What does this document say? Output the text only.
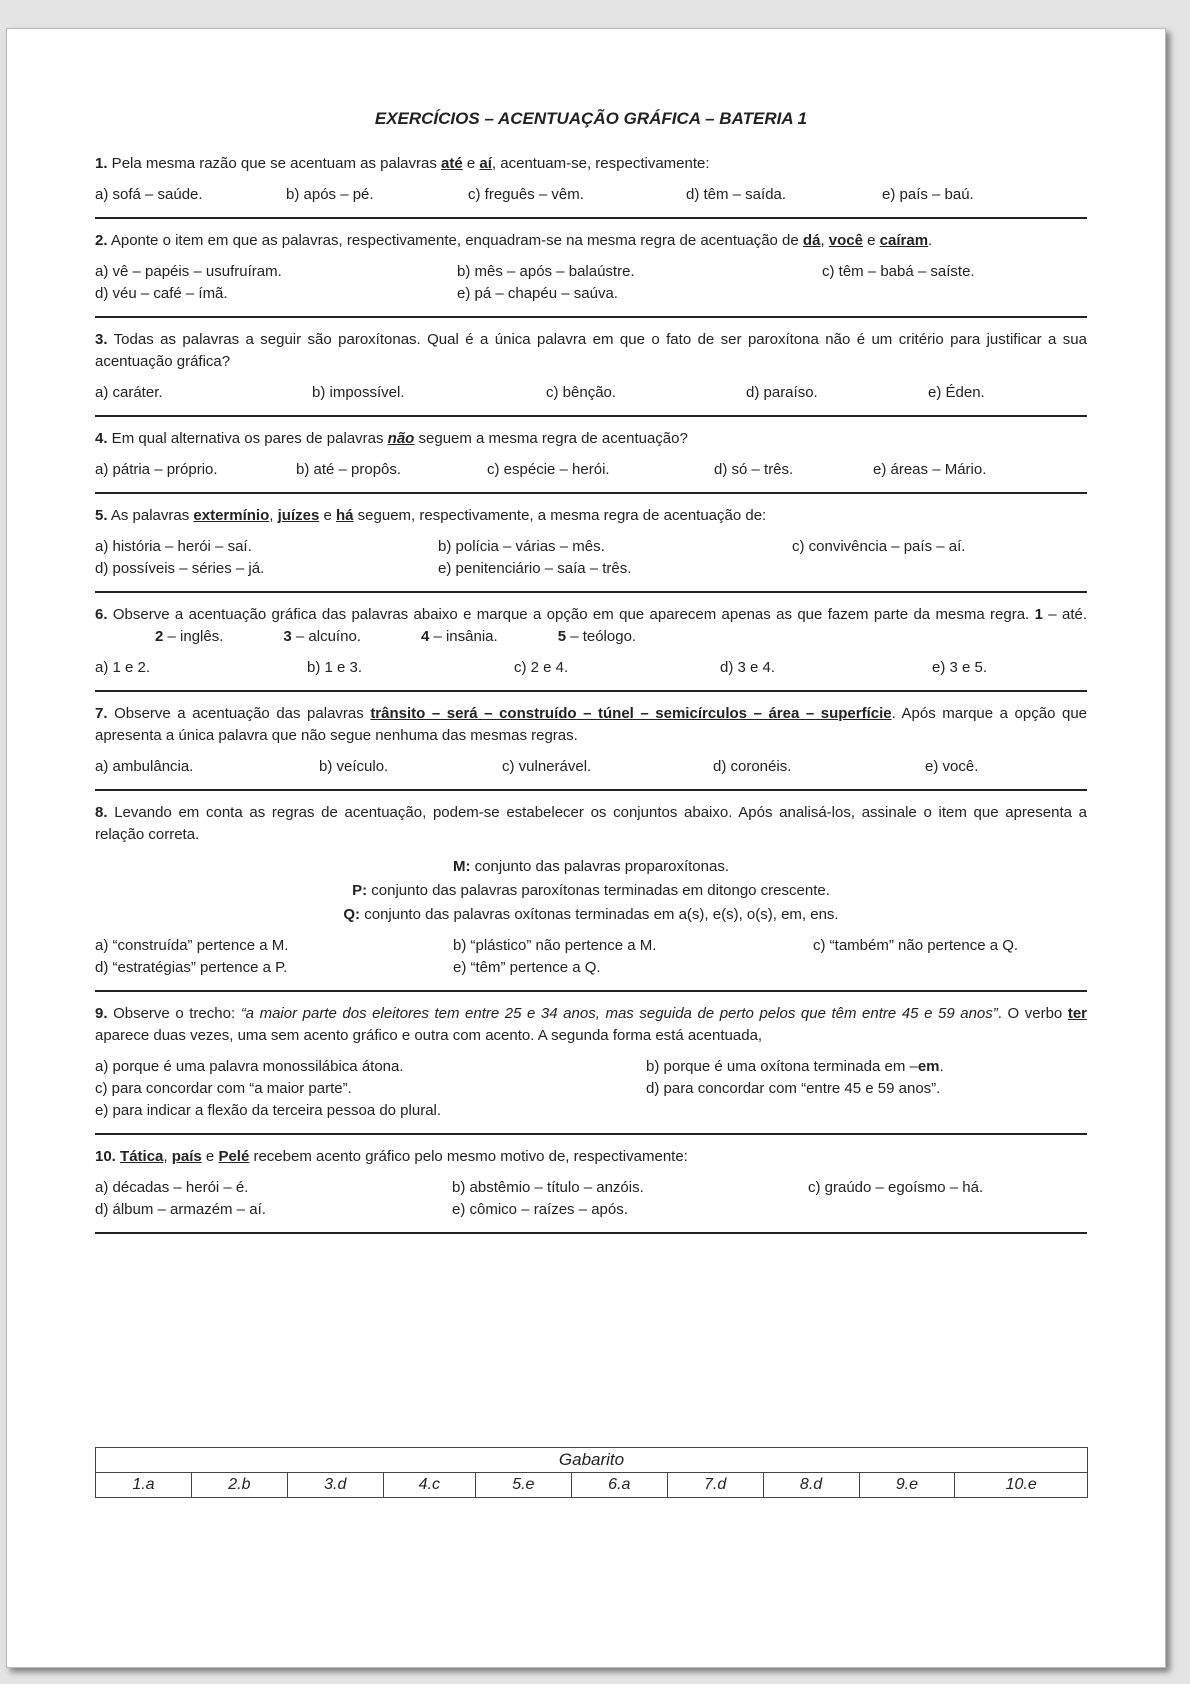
EXERCÍCIOS – ACENTUAÇÃO GRÁFICA – BATERIA 1
1. Pela mesma razão que se acentuam as palavras até e aí, acentuam-se, respectivamente:
a) sofá – saúde.	b) após – pé.	c) freguês – vêm.	d) têm – saída.	e) país – baú.
2. Aponte o item em que as palavras, respectivamente, enquadram-se na mesma regra de acentuação de dá, você e caíram.
a) vê – papéis – usufruíram.	b) mês – após – balaústre.	c) têm – babá – saíste.
d) véu – café – ímã.	e) pá – chapéu – saúva.
3. Todas as palavras a seguir são paroxítonas. Qual é a única palavra em que o fato de ser paroxítona não é um critério para justificar a sua acentuação gráfica?
a) caráter.	b) impossível.	c) bênção.	d) paraíso.	e) Éden.
4. Em qual alternativa os pares de palavras não seguem a mesma regra de acentuação?
a) pátria – próprio.	b) até – propôs.	c) espécie – herói.	d) só – três.	e) áreas – Mário.
5. As palavras extermínio, juízes e há seguem, respectivamente, a mesma regra de acentuação de:
a) história – herói – saí.	b) polícia – várias – mês.	c) convivência – país – aí.
d) possíveis – séries – já.	e) penitenciário – saía – três.
6. Observe a acentuação gráfica das palavras abaixo e marque a opção em que aparecem apenas as que fazem parte da mesma regra. 1 – até.2 – inglês.	3 – alcuíno.	4 – insânia.	5 – teólogo.
a) 1 e 2.	b) 1 e 3.	c) 2 e 4.	d) 3 e 4.	e) 3 e 5.
7. Observe a acentuação das palavras trânsito – será – construído – túnel – semicírculos – área – superfície. Após marque a opção que apresenta a única palavra que não segue nenhuma das mesmas regras.
a) ambulância.	b) veículo.	c) vulnerável.	d) coronéis.	e) você.
8. Levando em conta as regras de acentuação, podem-se estabelecer os conjuntos abaixo. Após analisá-los, assinale o item que apresenta a relação correta.
M: conjunto das palavras proparoxítonas.
P: conjunto das palavras paroxítonas terminadas em ditongo crescente.
Q: conjunto das palavras oxítonas terminadas em a(s), e(s), o(s), em, ens.
a) “construída” pertence a M.	b) “plástico” não pertence a M.	c) “também” não pertence a Q.
d) “estratégias” pertence a P.	e) “têm” pertence a Q.
9. Observe o trecho: “a maior parte dos eleitores tem entre 25 e 34 anos, mas seguida de perto pelos que têm entre 45 e 59 anos”. O verbo ter aparece duas vezes, uma sem acento gráfico e outra com acento. A segunda forma está acentuada,
a) porque é uma palavra monossilábica átona.	b) porque é uma oxítona terminada em –em.
c) para concordar com “a maior parte”.	d) para concordar com “entre 45 e 59 anos”.
e) para indicar a flexão da terceira pessoa do plural.
10. Tática, país e Pelé recebem acento gráfico pelo mesmo motivo de, respectivamente:
a) décadas – herói – é.	b) abstêmio – título – anzóis.	c) graúdo – egoísmo – há.
d) álbum – armazém – aí.	e) cômico – raízes – após.
Gabarito
1.a	2.b	3.d	4.c	5.e	6.a	7.d	8.d	9.e	10.e
